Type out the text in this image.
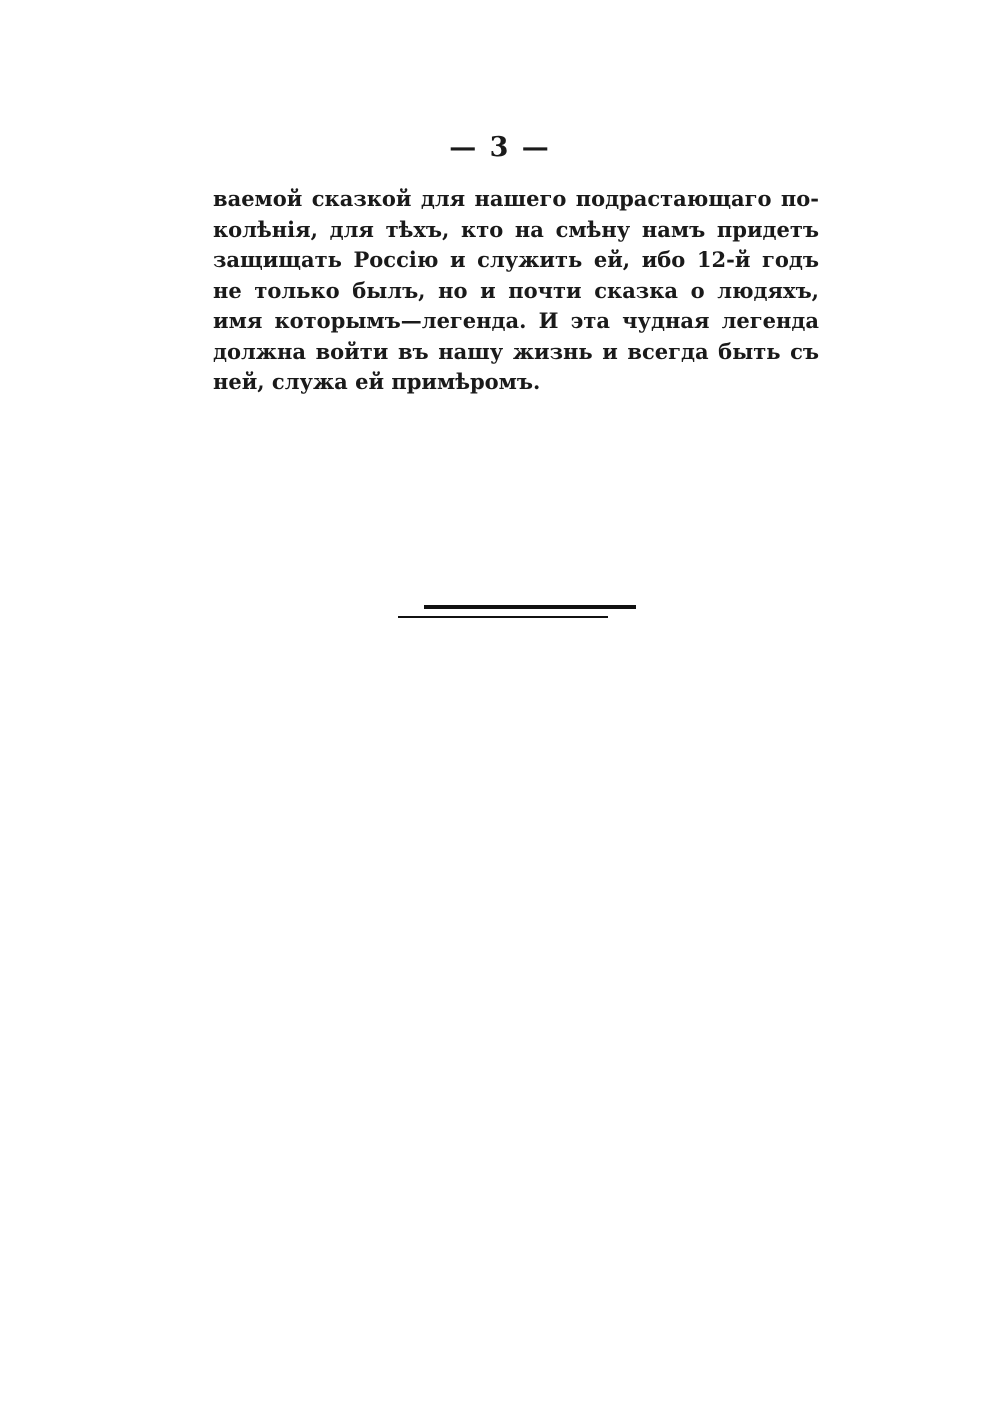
— 3 —
ваемой сказкой для нашего подрастающаго по-
колѣнія, для тѣхъ, кто на смѣну намъ придетъ
защищать Россію и служить ей, ибо 12-й годъ
не только былъ, но и почти сказка о людяхъ,
имя которымъ—легенда. И эта чудная легенда
должна войти въ нашу жизнь и всегда быть съ
ней, служа ей примѣромъ.
